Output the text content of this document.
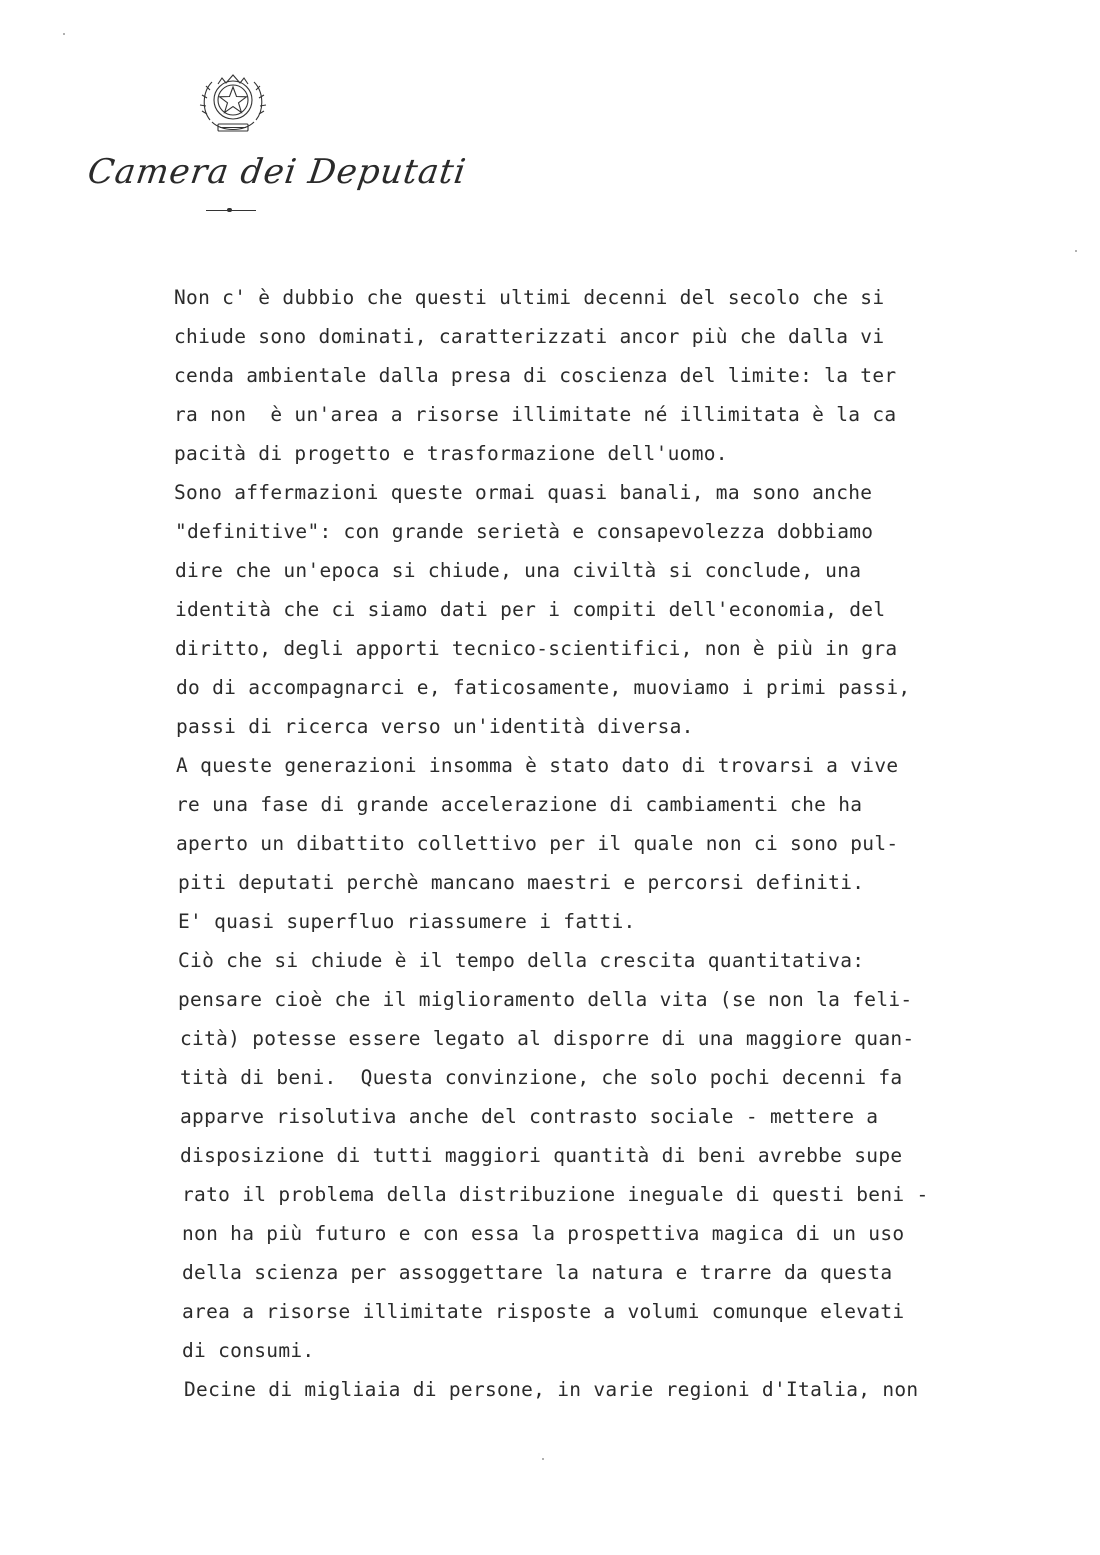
Camera dei Deputati
Non c' è dubbio che questi ultimi decenni del secolo che si
chiude sono dominati, caratterizzati ancor più che dalla vi
cenda ambientale dalla presa di coscienza del limite: la ter
ra non  è un'area a risorse illimitate né illimitata è la ca
pacità di progetto e trasformazione dell'uomo.
Sono affermazioni queste ormai quasi banali, ma sono anche
"definitive": con grande serietà e consapevolezza dobbiamo
dire che un'epoca si chiude, una civiltà si conclude, una
identità che ci siamo dati per i compiti dell'economia, del
diritto, degli apporti tecnico-scientifici, non è più in gra
do di accompagnarci e, faticosamente, muoviamo i primi passi,
passi di ricerca verso un'identità diversa.
A queste generazioni insomma è stato dato di trovarsi a vive
re una fase di grande accelerazione di cambiamenti che ha
aperto un dibattito collettivo per il quale non ci sono pul-
piti deputati perchè mancano maestri e percorsi definiti.
E' quasi superfluo riassumere i fatti.
Ciò che si chiude è il tempo della crescita quantitativa:
pensare cioè che il miglioramento della vita (se non la feli-
cità) potesse essere legato al disporre di una maggiore quan-
tità di beni.  Questa convinzione, che solo pochi decenni fa
apparve risolutiva anche del contrasto sociale - mettere a
disposizione di tutti maggiori quantità di beni avrebbe supe
rato il problema della distribuzione ineguale di questi beni -
non ha più futuro e con essa la prospettiva magica di un uso
della scienza per assoggettare la natura e trarre da questa
area a risorse illimitate risposte a volumi comunque elevati
di consumi.
Decine di migliaia di persone, in varie regioni d'Italia, non
